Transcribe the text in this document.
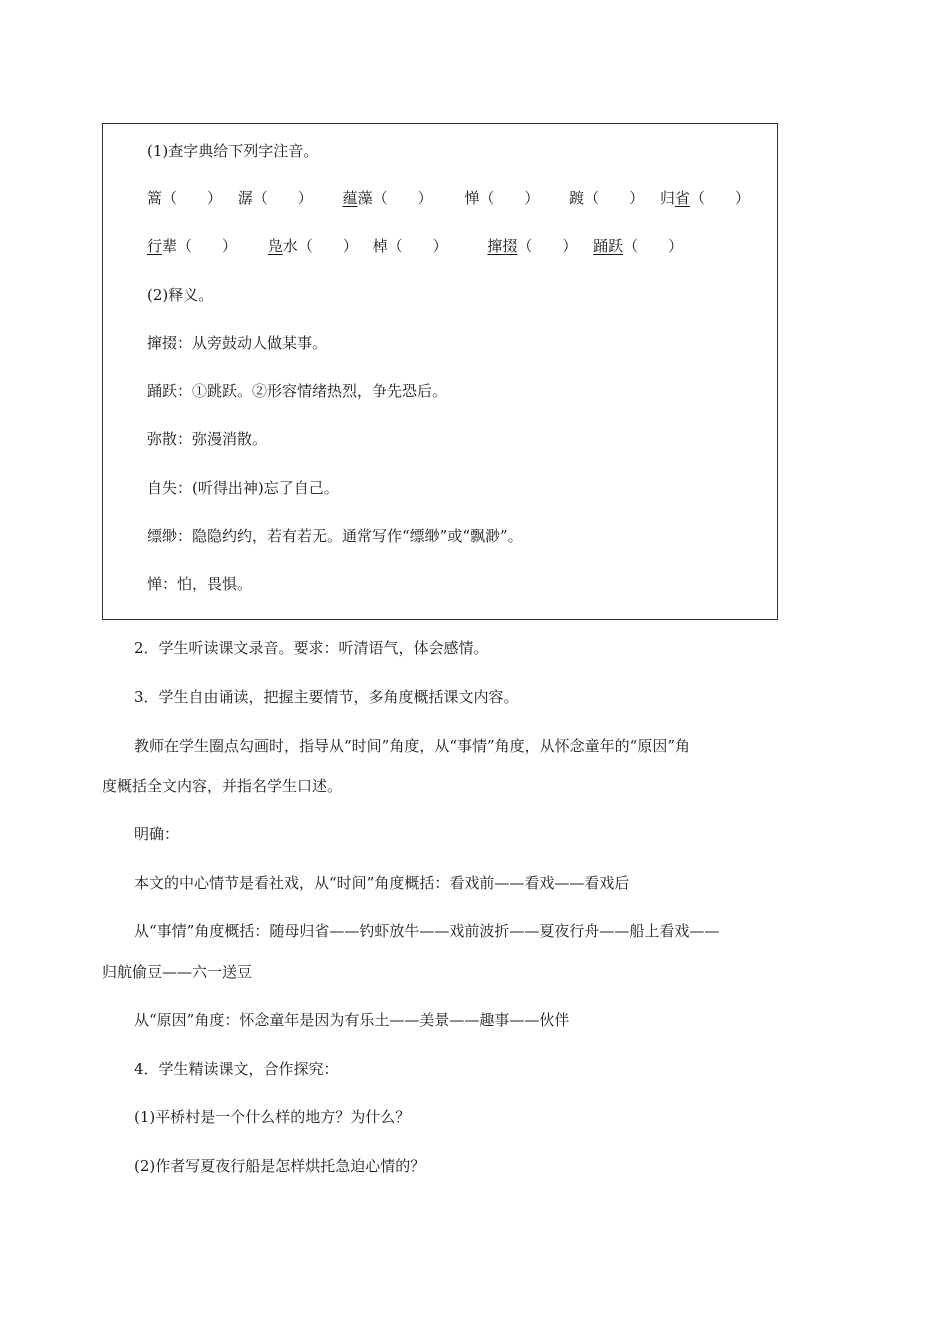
(1)查字典给下列字注音。
篙（　　） 潺（　　） 蕴藻（　　） 惮（　　） 踱（　　） 归省（　　）
行辈（　　） 凫水（　　） 棹（　　）	撺掇（　　） 踊跃（　　）
(2)释义。
撺掇：从旁鼓动人做某事。
踊跃：①跳跃。②形容情绪热烈，争先恐后。
弥散：弥漫消散。
自失：(听得出神)忘了自己。
缥缈：隐隐约约，若有若无。通常写作“缥缈”或“飘渺”。
惮：怕，畏惧。
2．学生听读课文录音。要求：听清语气，体会感情。
3．学生自由诵读，把握主要情节，多角度概括课文内容。
教师在学生圈点勾画时，指导从“时间”角度，从“事情”角度，从怀念童年的“原因”角
度概括全文内容，并指名学生口述。
明确：
本文的中心情节是看社戏，从“时间”角度概括：看戏前——看戏——看戏后
从“事情”角度概括：随母归省——钓虾放牛——戏前波折——夏夜行舟——船上看戏——
归航偷豆——六一送豆
从“原因”角度：怀念童年是因为有乐土——美景——趣事——伙伴
4．学生精读课文，合作探究：
(1)平桥村是一个什么样的地方？为什么？
(2)作者写夏夜行船是怎样烘托急迫心情的？
